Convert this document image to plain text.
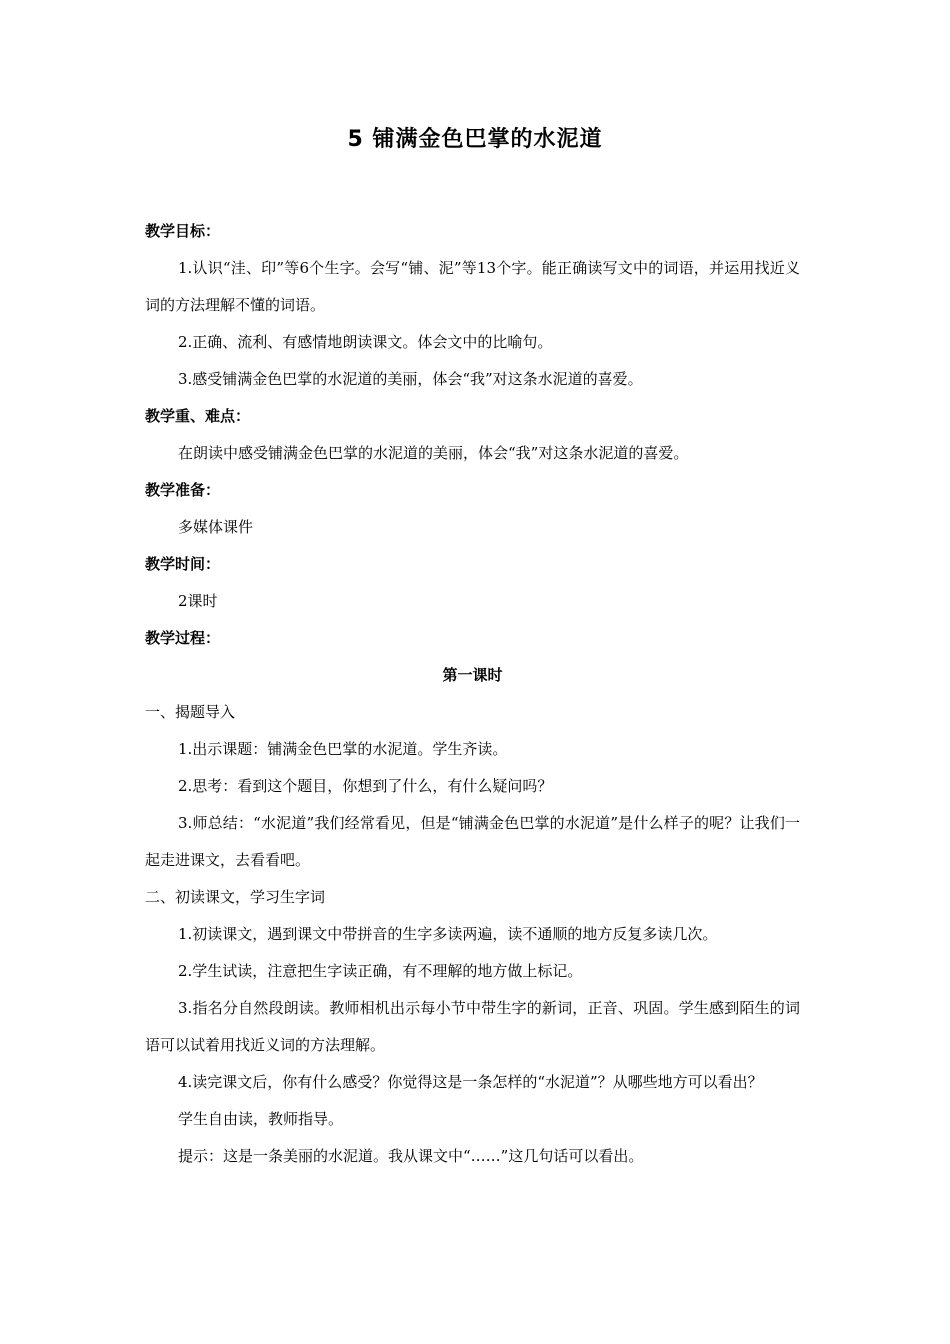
5 铺满金色巴掌的水泥道
教学目标：
1.认识“洼、印”等6个生字。会写“铺、泥”等13个字。能正确读写文中的词语，并运用找近义词的方法理解不懂的词语。
2.正确、流利、有感情地朗读课文。体会文中的比喻句。
3.感受铺满金色巴掌的水泥道的美丽，体会“我”对这条水泥道的喜爱。
教学重、难点：
在朗读中感受铺满金色巴掌的水泥道的美丽，体会“我”对这条水泥道的喜爱。
教学准备：
多媒体课件
教学时间：
2课时
教学过程：
第一课时
一、揭题导入
1.出示课题：铺满金色巴掌的水泥道。学生齐读。
2.思考：看到这个题目，你想到了什么，有什么疑问吗？
3.师总结：“水泥道”我们经常看见，但是“铺满金色巴掌的水泥道”是什么样子的呢？让我们一起走进课文，去看看吧。
二、初读课文，学习生字词
1.初读课文，遇到课文中带拼音的生字多读两遍，读不通顺的地方反复多读几次。
2.学生试读，注意把生字读正确，有不理解的地方做上标记。
3.指名分自然段朗读。教师相机出示每小节中带生字的新词，正音、巩固。学生感到陌生的词语可以试着用找近义词的方法理解。
4.读完课文后，你有什么感受？你觉得这是一条怎样的“水泥道”？从哪些地方可以看出？
学生自由读，教师指导。
提示：这是一条美丽的水泥道。我从课文中“……”这几句话可以看出。
